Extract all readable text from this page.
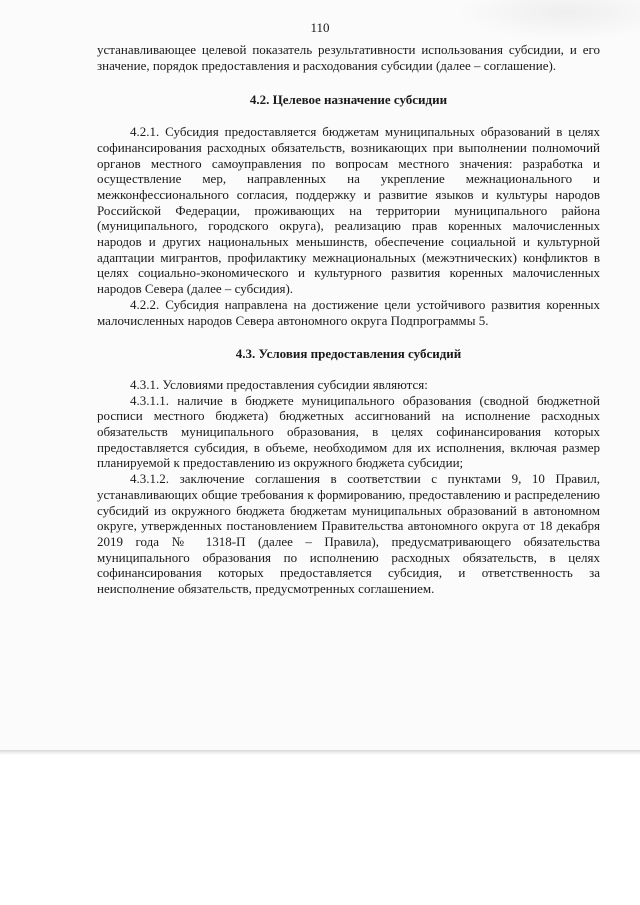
110

устанавливающее целевой показатель результативности использования субсидии, и его значение, порядок предоставления и расходования субсидии (далее – соглашение).

4.2. Целевое назначение субсидии

4.2.1. Субсидия предоставляется бюджетам муниципальных образований в целях софинансирования расходных обязательств, возникающих при выполнении полномочий органов местного самоуправления по вопросам местного значения: разработка и осуществление мер, направленных на укрепление межнационального и межконфессионального согласия, поддержку и развитие языков и культуры народов Российской Федерации, проживающих на территории муниципального района (муниципального, городского округа), реализацию прав коренных малочисленных народов и других национальных меньшинств, обеспечение социальной и культурной адаптации мигрантов, профилактику межнациональных (межэтнических) конфликтов в целях социально-экономического и культурного развития коренных малочисленных народов Севера (далее – субсидия).

4.2.2. Субсидия направлена на достижение цели устойчивого развития коренных малочисленных народов Севера автономного округа Подпрограммы 5.

4.3. Условия предоставления субсидий

4.3.1. Условиями предоставления субсидии являются:

4.3.1.1. наличие в бюджете муниципального образования (сводной бюджетной росписи местного бюджета) бюджетных ассигнований на исполнение расходных обязательств муниципального образования, в целях софинансирования которых предоставляется субсидия, в объеме, необходимом для их исполнения, включая размер планируемой к предоставлению из окружного бюджета субсидии;

4.3.1.2. заключение соглашения в соответствии с пунктами 9, 10 Правил, устанавливающих общие требования к формированию, предоставлению и распределению субсидий из окружного бюджета бюджетам муниципальных образований в автономном округе, утвержденных постановлением Правительства автономного округа от 18 декабря 2019 года № 1318-П (далее – Правила), предусматривающего обязательства муниципального образования по исполнению расходных обязательств, в целях софинансирования которых предоставляется субсидия, и ответственность за неисполнение обязательств, предусмотренных соглашением.
